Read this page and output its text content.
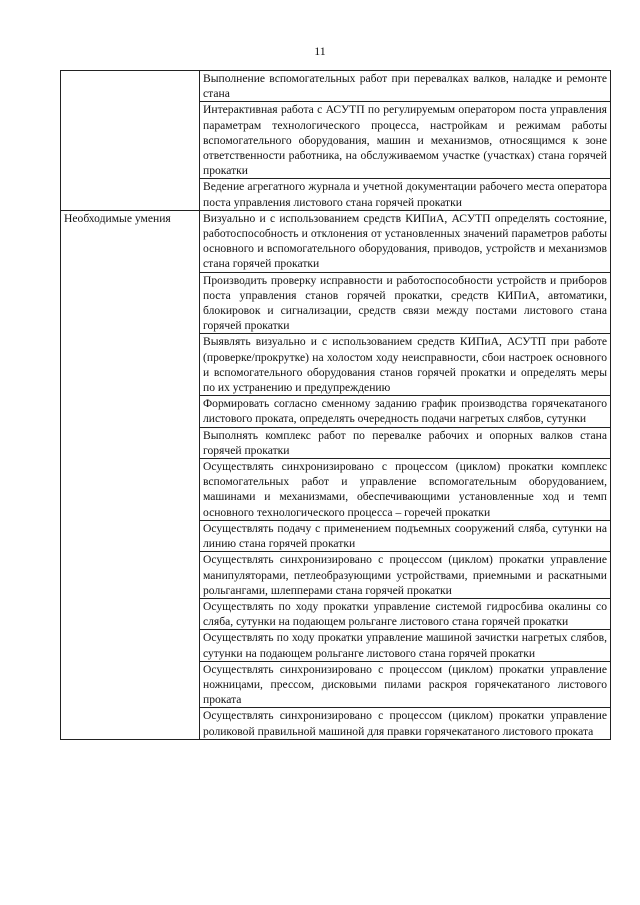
11
	Выполнение вспомогательных работ при перевалках валков, наладке и ремонте стана
	Интерактивная работа с АСУТП по регулируемым оператором поста управления параметрам технологического процесса, настройкам и режимам работы вспомогательного оборудования, машин и механизмов, относящимся к зоне ответственности работника, на обслуживаемом участке (участках) стана горячей прокатки
	Ведение агрегатного журнала и учетной документации рабочего места оператора поста управления листового стана горячей прокатки
Необходимые умения	Визуально и с использованием средств КИПиА, АСУТП определять состояние, работоспособность и отклонения от установленных значений параметров работы основного и вспомогательного оборудования, приводов, устройств и механизмов стана горячей прокатки
	Производить проверку исправности и работоспособности устройств и приборов поста управления станов горячей прокатки, средств КИПиА, автоматики, блокировок и сигнализации, средств связи между постами листового стана горячей прокатки
	Выявлять визуально и с использованием средств КИПиА, АСУТП при работе (проверке/прокрутке) на холостом ходу неисправности, сбои настроек основного и вспомогательного оборудования станов горячей прокатки и определять меры по их устранению и предупреждению
	Формировать согласно сменному заданию график производства горячекатаного листового проката, определять очередность подачи нагретых слябов, сутунки
	Выполнять комплекс работ по перевалке рабочих и опорных валков стана горячей прокатки
	Осуществлять синхронизировано с процессом (циклом) прокатки комплекс вспомогательных работ и управление вспомогательным оборудованием, машинами и механизмами, обеспечивающими установленные ход и темп основного технологического процесса – горечей прокатки
	Осуществлять подачу с применением подъемных сооружений сляба, сутунки на линию стана горячей прокатки
	Осуществлять синхронизировано с процессом (циклом) прокатки управление манипуляторами, петлеобразующими устройствами, приемными и раскатными рольгангами, шлепперами стана горячей прокатки
	Осуществлять по ходу прокатки управление системой гидросбива окалины со сляба, сутунки на подающем рольганге листового стана горячей прокатки
	Осуществлять по ходу прокатки управление машиной зачистки нагретых слябов, сутунки на подающем рольганге листового стана горячей прокатки
	Осуществлять синхронизировано с процессом (циклом) прокатки управление ножницами, прессом, дисковыми пилами раскроя горячекатаного листового проката
	Осуществлять синхронизировано с процессом (циклом) прокатки управление роликовой правильной машиной для правки горячекатаного листового проката
